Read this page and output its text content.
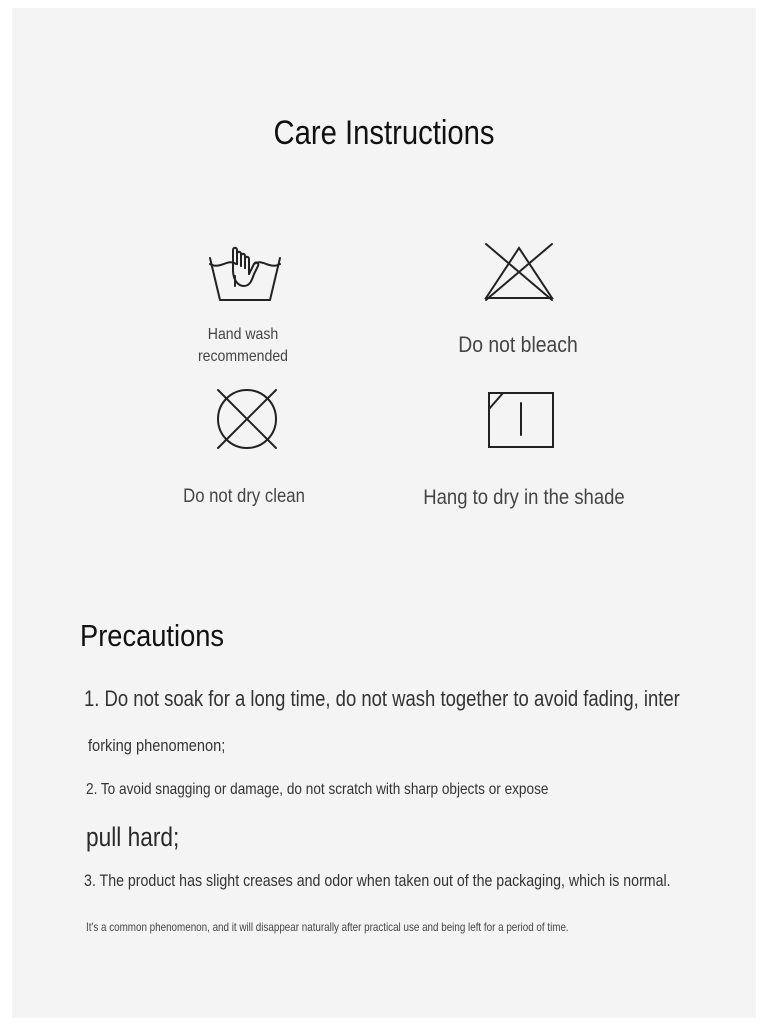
Care Instructions
Hand wash
recommended	Do not bleach
Do not dry clean	Hang to dry in the shade
Precautions
1. Do not soak for a long time, do not wash together to avoid fading, inter
forking phenomenon;
2. To avoid snagging or damage, do not scratch with sharp objects or expose
pull hard;
3. The product has slight creases and odor when taken out of the packaging, which is normal.
It's a common phenomenon, and it will disappear naturally after practical use and being left for a period of time.
